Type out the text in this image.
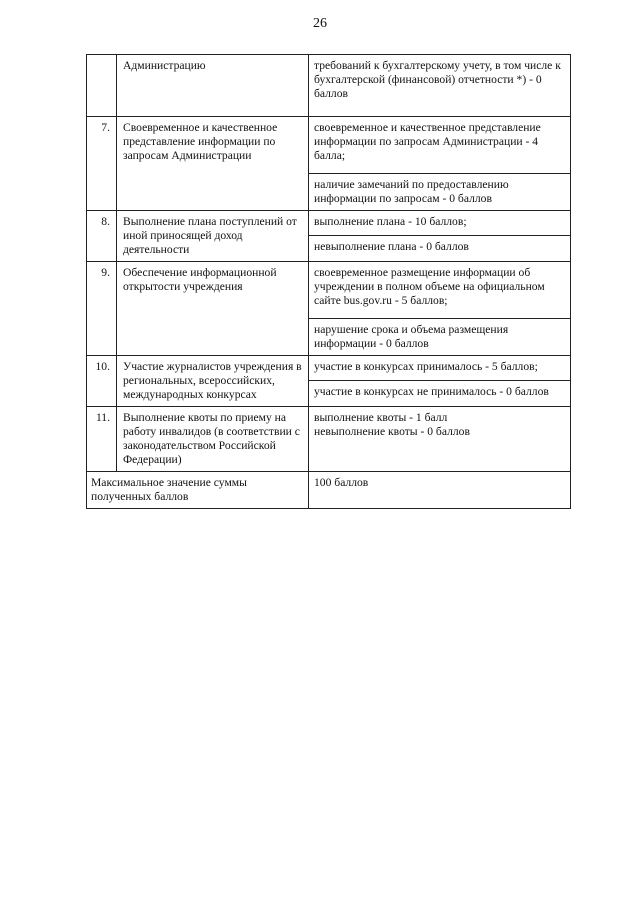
26
	Администрацию	требований к бухгалтерскому учету, в том числе к бухгалтерской (финансовой) отчетности *) - 0 баллов

7.	Своевременное и качественное представление информации по запросам Администрации	своевременное и качественное представление информации по запросам Администрации - 4 балла;
наличие замечаний по предоставлению информации по запросам - 0 баллов

8.	Выполнение плана поступлений от иной приносящей доход деятельности	выполнение плана - 10 баллов;
невыполнение плана - 0 баллов

9.	Обеспечение информационной открытости учреждения	своевременное размещение информации об учреждении в полном объеме на официальном сайте bus.gov.ru - 5 баллов;
нарушение срока и объема размещения информации - 0 баллов

10.	Участие журналистов учреждения в региональных, всероссийских, международных конкурсах	участие в конкурсах принималось - 5 баллов;
участие в конкурсах не принималось - 0 баллов

11.	Выполнение квоты по приему на работу инвалидов (в соответствии с законодательством Российской Федерации)	выполнение квоты - 1 балл
невыполнение квоты - 0 баллов

Максимальное значение суммы полученных баллов		100 баллов
